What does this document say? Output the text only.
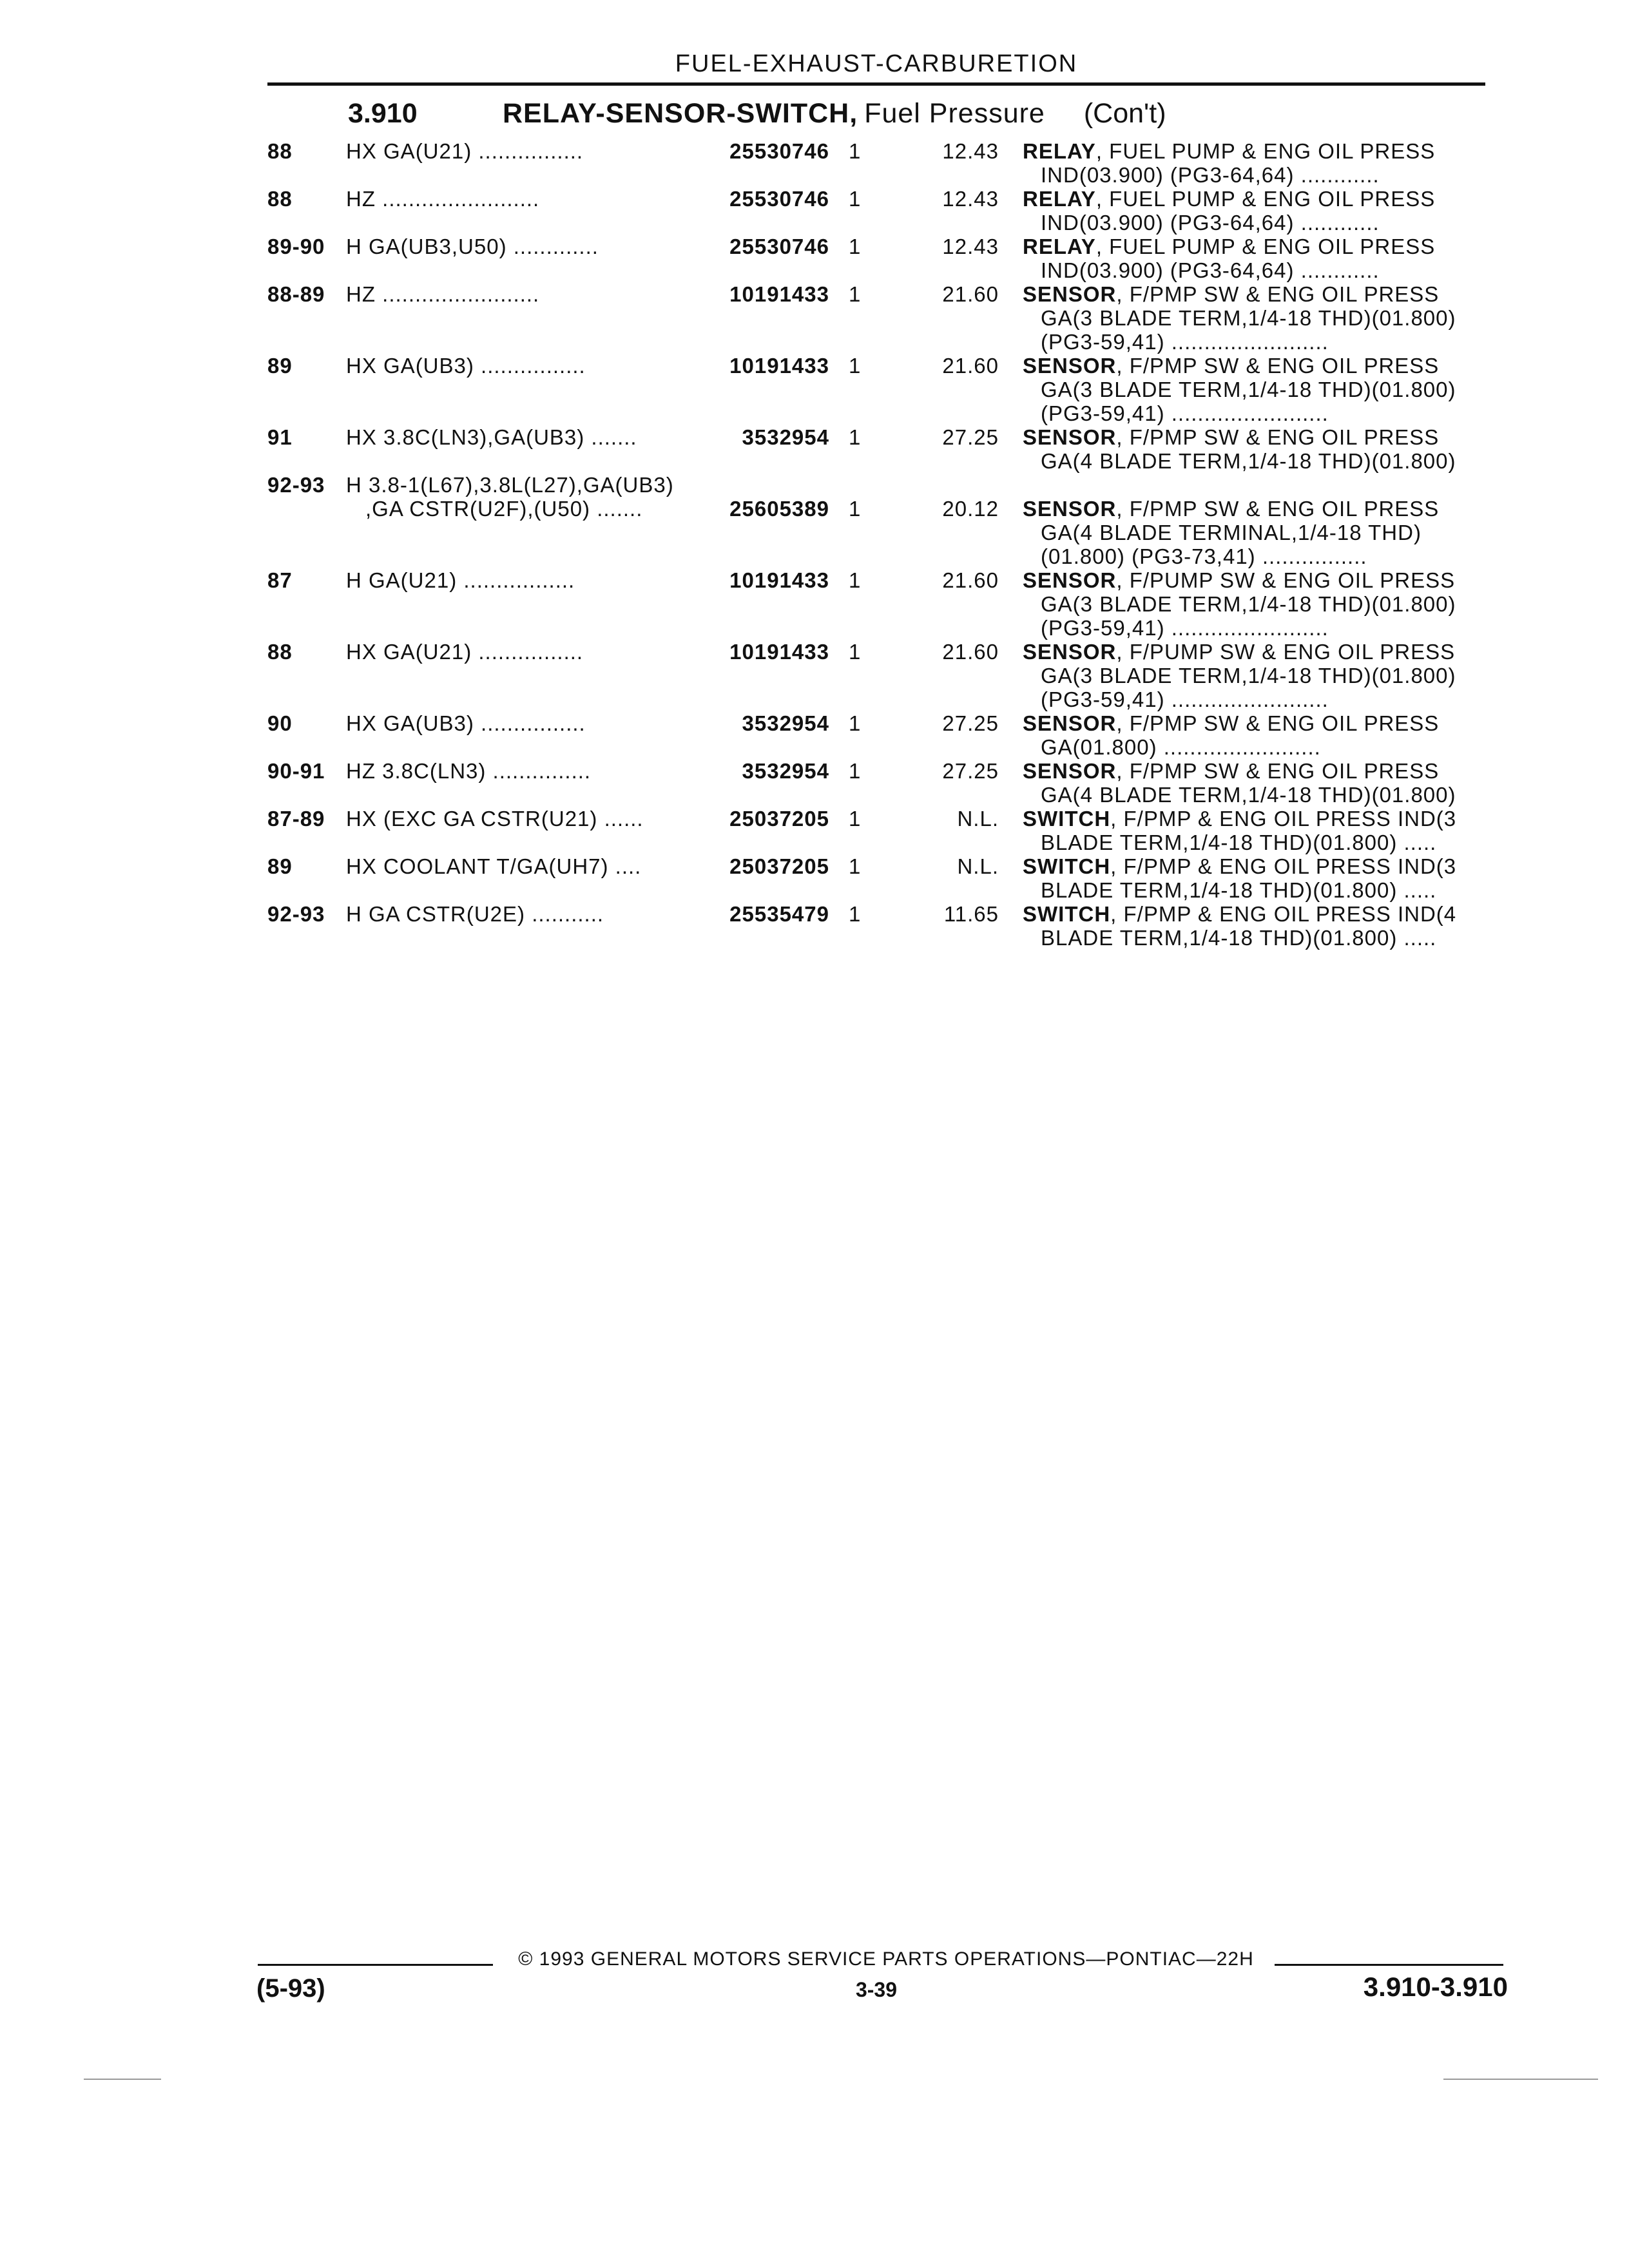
FUEL-EXHAUST-CARBURETION
3.910	RELAY-SENSOR-SWITCH, Fuel Pressure (Con't)
88	HX GA(U21) ................	25530746 1	12.43 RELAY, FUEL PUMP & ENG OIL PRESS
IND(03.900) (PG3-64,64) ............
88	HZ ........................	25530746 1	12.43 RELAY, FUEL PUMP & ENG OIL PRESS
IND(03.900) (PG3-64,64) ............
89-90 H GA(UB3,U50) .............	25530746 1	12.43 RELAY, FUEL PUMP & ENG OIL PRESS
IND(03.900) (PG3-64,64) ............
88-89 HZ ........................	10191433 1	21.60 SENSOR, F/PMP SW & ENG OIL PRESS
GA(3 BLADE TERM,1/4-18 THD)(01.800)
(PG3-59,41) ........................
89	HX GA(UB3) ................	10191433 1	21.60 SENSOR, F/PMP SW & ENG OIL PRESS
GA(3 BLADE TERM,1/4-18 THD)(01.800)
(PG3-59,41) ........................
91	HX 3.8C(LN3),GA(UB3) .......	3532954 1	27.25 SENSOR, F/PMP SW & ENG OIL PRESS
GA(4 BLADE TERM,1/4-18 THD)(01.800)
92-93 H 3.8-1(L67),3.8L(L27),GA(UB3)
,GA CSTR(U2F),(U50) .......	25605389 1	20.12 SENSOR, F/PMP SW & ENG OIL PRESS
GA(4 BLADE TERMINAL,1/4-18 THD)
(01.800) (PG3-73,41) ................
87	H GA(U21) .................	10191433 1	21.60 SENSOR, F/PUMP SW & ENG OIL PRESS
GA(3 BLADE TERM,1/4-18 THD)(01.800)
(PG3-59,41) ........................
88	HX GA(U21) ................	10191433 1	21.60 SENSOR, F/PUMP SW & ENG OIL PRESS
GA(3 BLADE TERM,1/4-18 THD)(01.800)
(PG3-59,41) ........................
90	HX GA(UB3) ................	3532954 1	27.25 SENSOR, F/PMP SW & ENG OIL PRESS
GA(01.800) ........................
90-91 HZ 3.8C(LN3) ...............	3532954 1	27.25 SENSOR, F/PMP SW & ENG OIL PRESS
GA(4 BLADE TERM,1/4-18 THD)(01.800)
87-89 HX (EXC GA CSTR(U21) ......	25037205 1	N.L. SWITCH, F/PMP & ENG OIL PRESS IND(3
BLADE TERM,1/4-18 THD)(01.800) .....
89	HX COOLANT T/GA(UH7) ....	25037205 1	N.L. SWITCH, F/PMP & ENG OIL PRESS IND(3
BLADE TERM,1/4-18 THD)(01.800) .....
92-93 H GA CSTR(U2E) ...........	25535479 1	11.65 SWITCH, F/PMP & ENG OIL PRESS IND(4
BLADE TERM,1/4-18 THD)(01.800) .....
© 1993 GENERAL MOTORS SERVICE PARTS OPERATIONS—PONTIAC—22H
(5-93)	3-39	3.910-3.910
